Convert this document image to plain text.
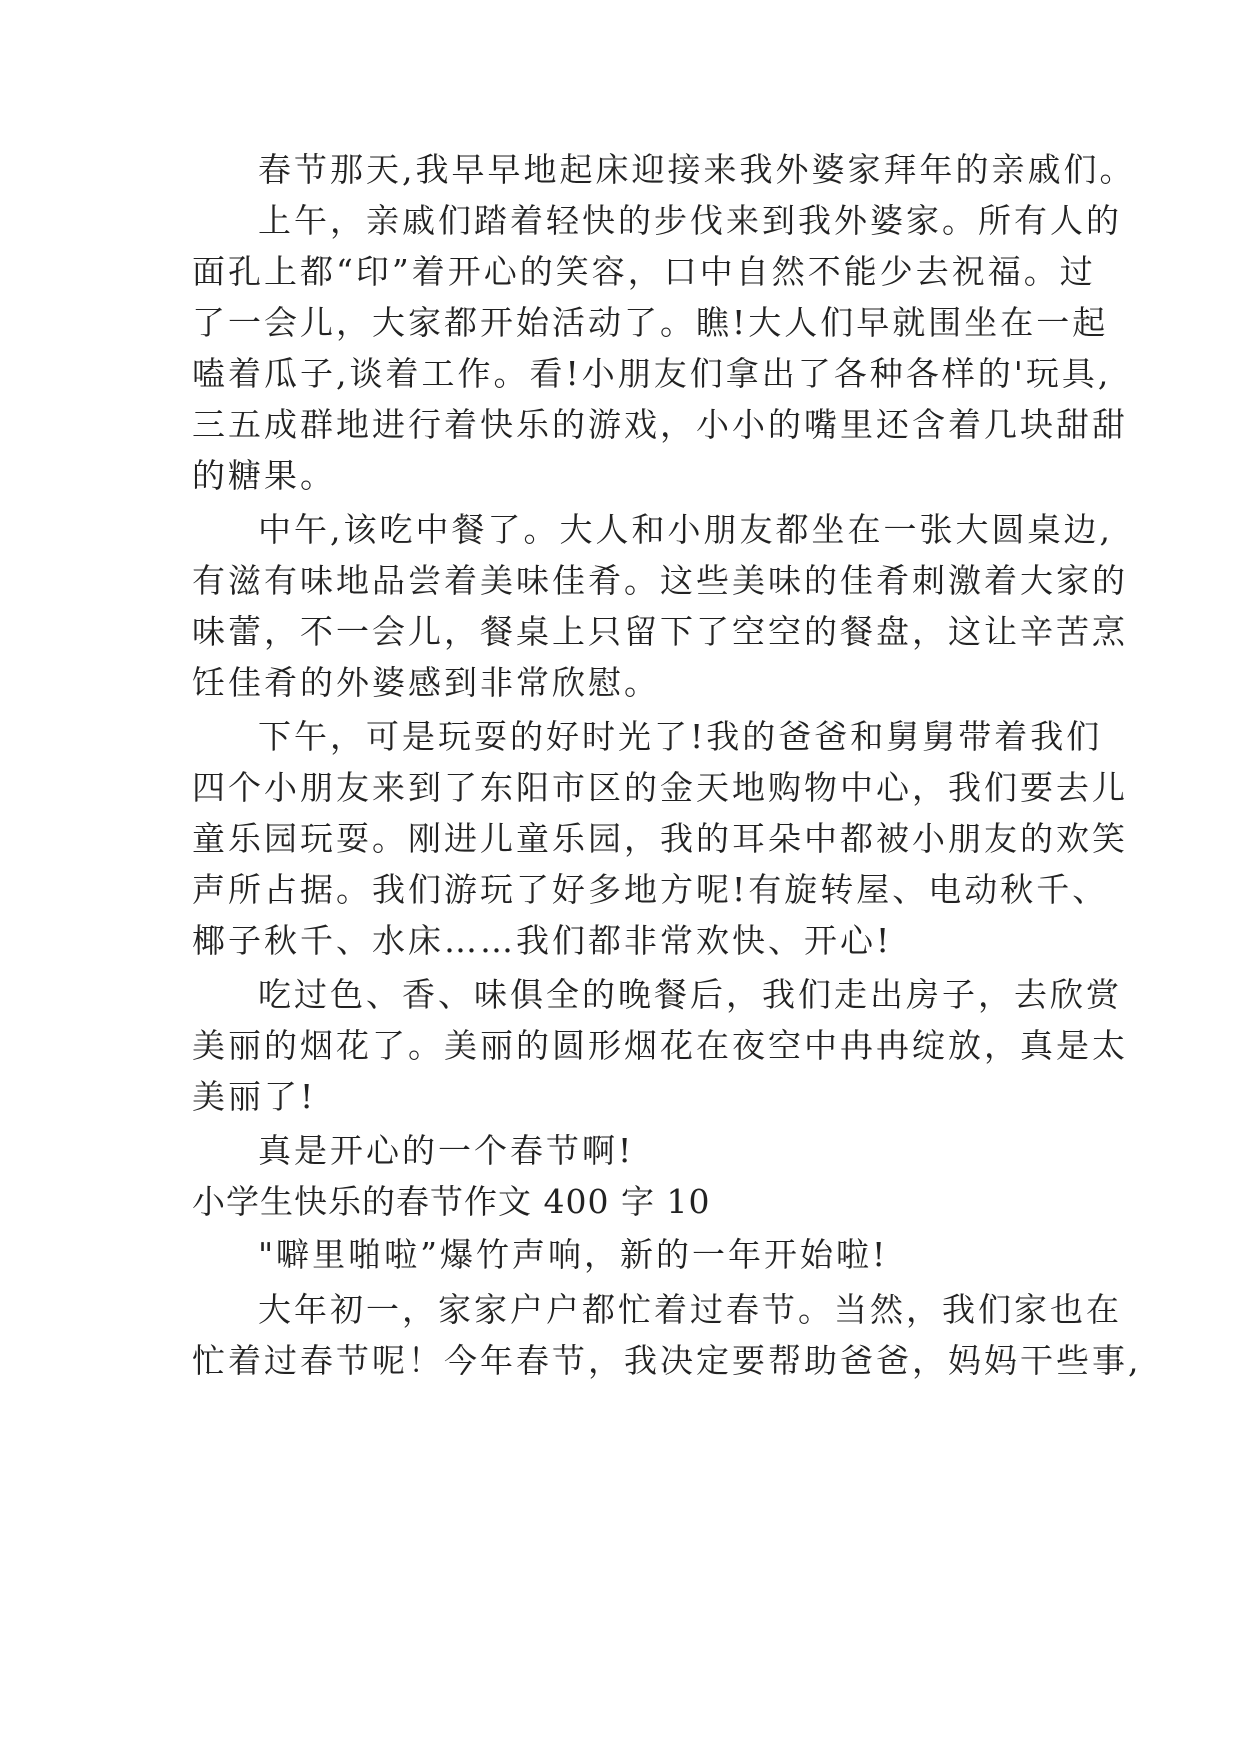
春节那天,我早早地起床迎接来我外婆家拜年的亲戚们。
上午，亲戚们踏着轻快的步伐来到我外婆家。所有人的
面孔上都“印”着开心的笑容，口中自然不能少去祝福。过
了一会儿，大家都开始活动了。瞧!大人们早就围坐在一起
嗑着瓜子,谈着工作。看!小朋友们拿出了各种各样的'玩具,
三五成群地进行着快乐的游戏，小小的嘴里还含着几块甜甜
的糖果。
中午,该吃中餐了。大人和小朋友都坐在一张大圆桌边,
有滋有味地品尝着美味佳肴。这些美味的佳肴刺激着大家的
味蕾，不一会儿，餐桌上只留下了空空的餐盘，这让辛苦烹
饪佳肴的外婆感到非常欣慰。
下午，可是玩耍的好时光了!我的爸爸和舅舅带着我们
四个小朋友来到了东阳市区的金天地购物中心，我们要去儿
童乐园玩耍。刚进儿童乐园，我的耳朵中都被小朋友的欢笑
声所占据。我们游玩了好多地方呢!有旋转屋、电动秋千、
椰子秋千、水床……我们都非常欢快、开心!
吃过色、香、味俱全的晚餐后，我们走出房子，去欣赏
美丽的烟花了。美丽的圆形烟花在夜空中冉冉绽放，真是太
美丽了!
真是开心的一个春节啊!
小学生快乐的春节作文 400 字 10
"噼里啪啦”爆竹声响，新的一年开始啦!
大年初一，家家户户都忙着过春节。当然，我们家也在
忙着过春节呢！今年春节，我决定要帮助爸爸，妈妈干些事,
